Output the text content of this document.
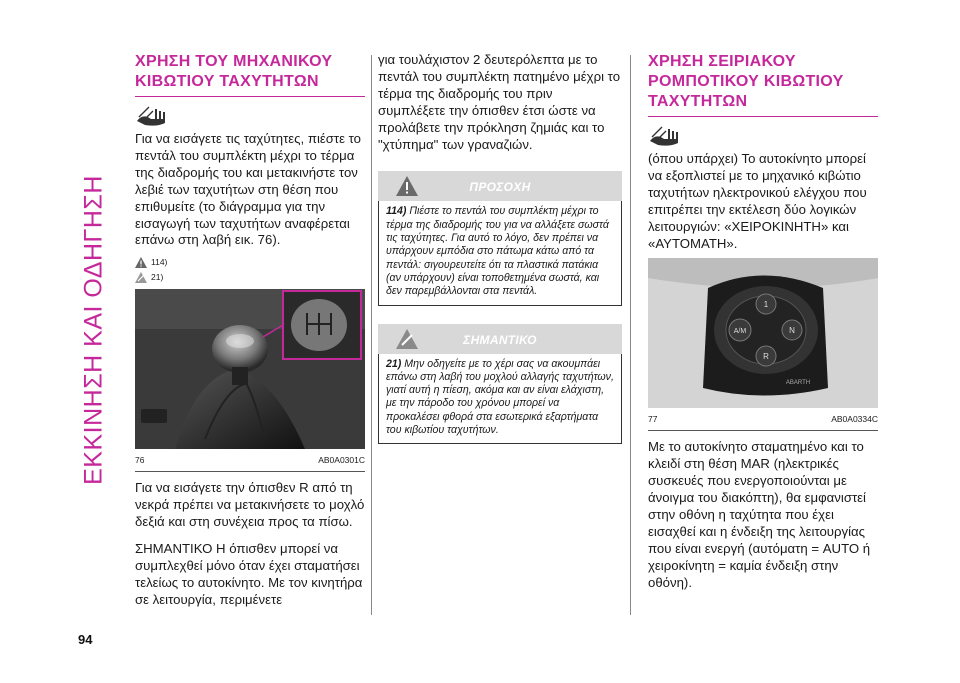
ΕΚΚΙΝΗΣΗ ΚΑΙ ΟΔΗΓΗΣΗ
ΧΡΗΣΗ ΤΟΥ ΜΗΧΑΝΙΚΟΥ
ΚΙΒΩΤΙΟΥ ΤΑΧΥΤΗΤΩΝ

Για να εισάγετε τις ταχύτητες, πιέστε το πεντάλ του συμπλέκτη μέχρι το τέρμα της διαδρομής του και μετακινήστε τον λεβιέ των ταχυτήτων στη θέση που επιθυμείτε (το διάγραμμα για την εισαγωγή των ταχυτήτων αναφέρεται επάνω στη λαβή εικ. 76).

114)
21)
76	AB0A0301C

Για να εισάγετε την όπισθεν R από τη νεκρά πρέπει να μετακινήσετε το μοχλό δεξιά και στη συνέχεια προς τα πίσω.

ΣΗΜΑΝΤΙΚΟ Η όπισθεν μπορεί να συμπλεχθεί μόνο όταν έχει σταματήσει τελείως το αυτοκίνητο. Με τον κινητήρα σε λειτουργία, περιμένετε

για τουλάχιστον 2 δευτερόλεπτα με το πεντάλ του συμπλέκτη πατημένο μέχρι το τέρμα της διαδρομής του πριν συμπλέξετε την όπισθεν έτσι ώστε να προλάβετε την πρόκληση ζημιάς και το "χτύπημα" των γραναζιών.

ΠΡΟΣΟΧΗ
114) Πιέστε το πεντάλ του συμπλέκτη μέχρι το τέρμα της διαδρομής του για να αλλάξετε σωστά τις ταχύτητες. Για αυτό το λόγο, δεν πρέπει να υπάρχουν εμπόδια στο πάτωμα κάτω από τα πεντάλ: σιγουρευτείτε ότι τα πλαστικά πατάκια (αν υπάρχουν) είναι τοποθετημένα σωστά, και δεν παρεμβάλλονται στα πεντάλ.
ΣΗΜΑΝΤΙΚΟ
21) Μην οδηγείτε με το χέρι σας να ακουμπάει επάνω στη λαβή του μοχλού αλλαγής ταχυτήτων, γιατί αυτή η πίεση, ακόμα και αν είναι ελάχιστη, με την πάροδο του χρόνου μπορεί να προκαλέσει φθορά στα εσωτερικά εξαρτήματα του κιβωτίου ταχυτήτων.
ΧΡΗΣΗ ΣΕΙΡΙΑΚΟΥ
ΡΟΜΠΟΤΙΚΟΥ ΚΙΒΩΤΙΟΥ
ΤΑΧΥΤΗΤΩΝ

(όπου υπάρχει) Το αυτοκίνητο μπορεί να εξοπλιστεί με το μηχανικό κιβώτιο ταχυτήτων ηλεκτρονικού ελέγχου που επιτρέπει την εκτέλεση δύο λογικών λειτουργιών: «ΧΕΙΡΟΚΙΝΗΤΗ» και «ΑΥΤΟΜΑΤΗ».

1
A/M	N
R
ABARTH
77	AB0A0334C

Με το αυτοκίνητο σταματημένο και το κλειδί στη θέση MAR (ηλεκτρικές συσκευές που ενεργοποιούνται με άνοιγμα του διακόπτη), θα εμφανιστεί στην οθόνη η ταχύτητα που έχει εισαχθεί και η ένδειξη της λειτουργίας που είναι ενεργή (αυτόματη = AUTO ή χειροκίνητη = καμία ένδειξη στην οθόνη).

94
